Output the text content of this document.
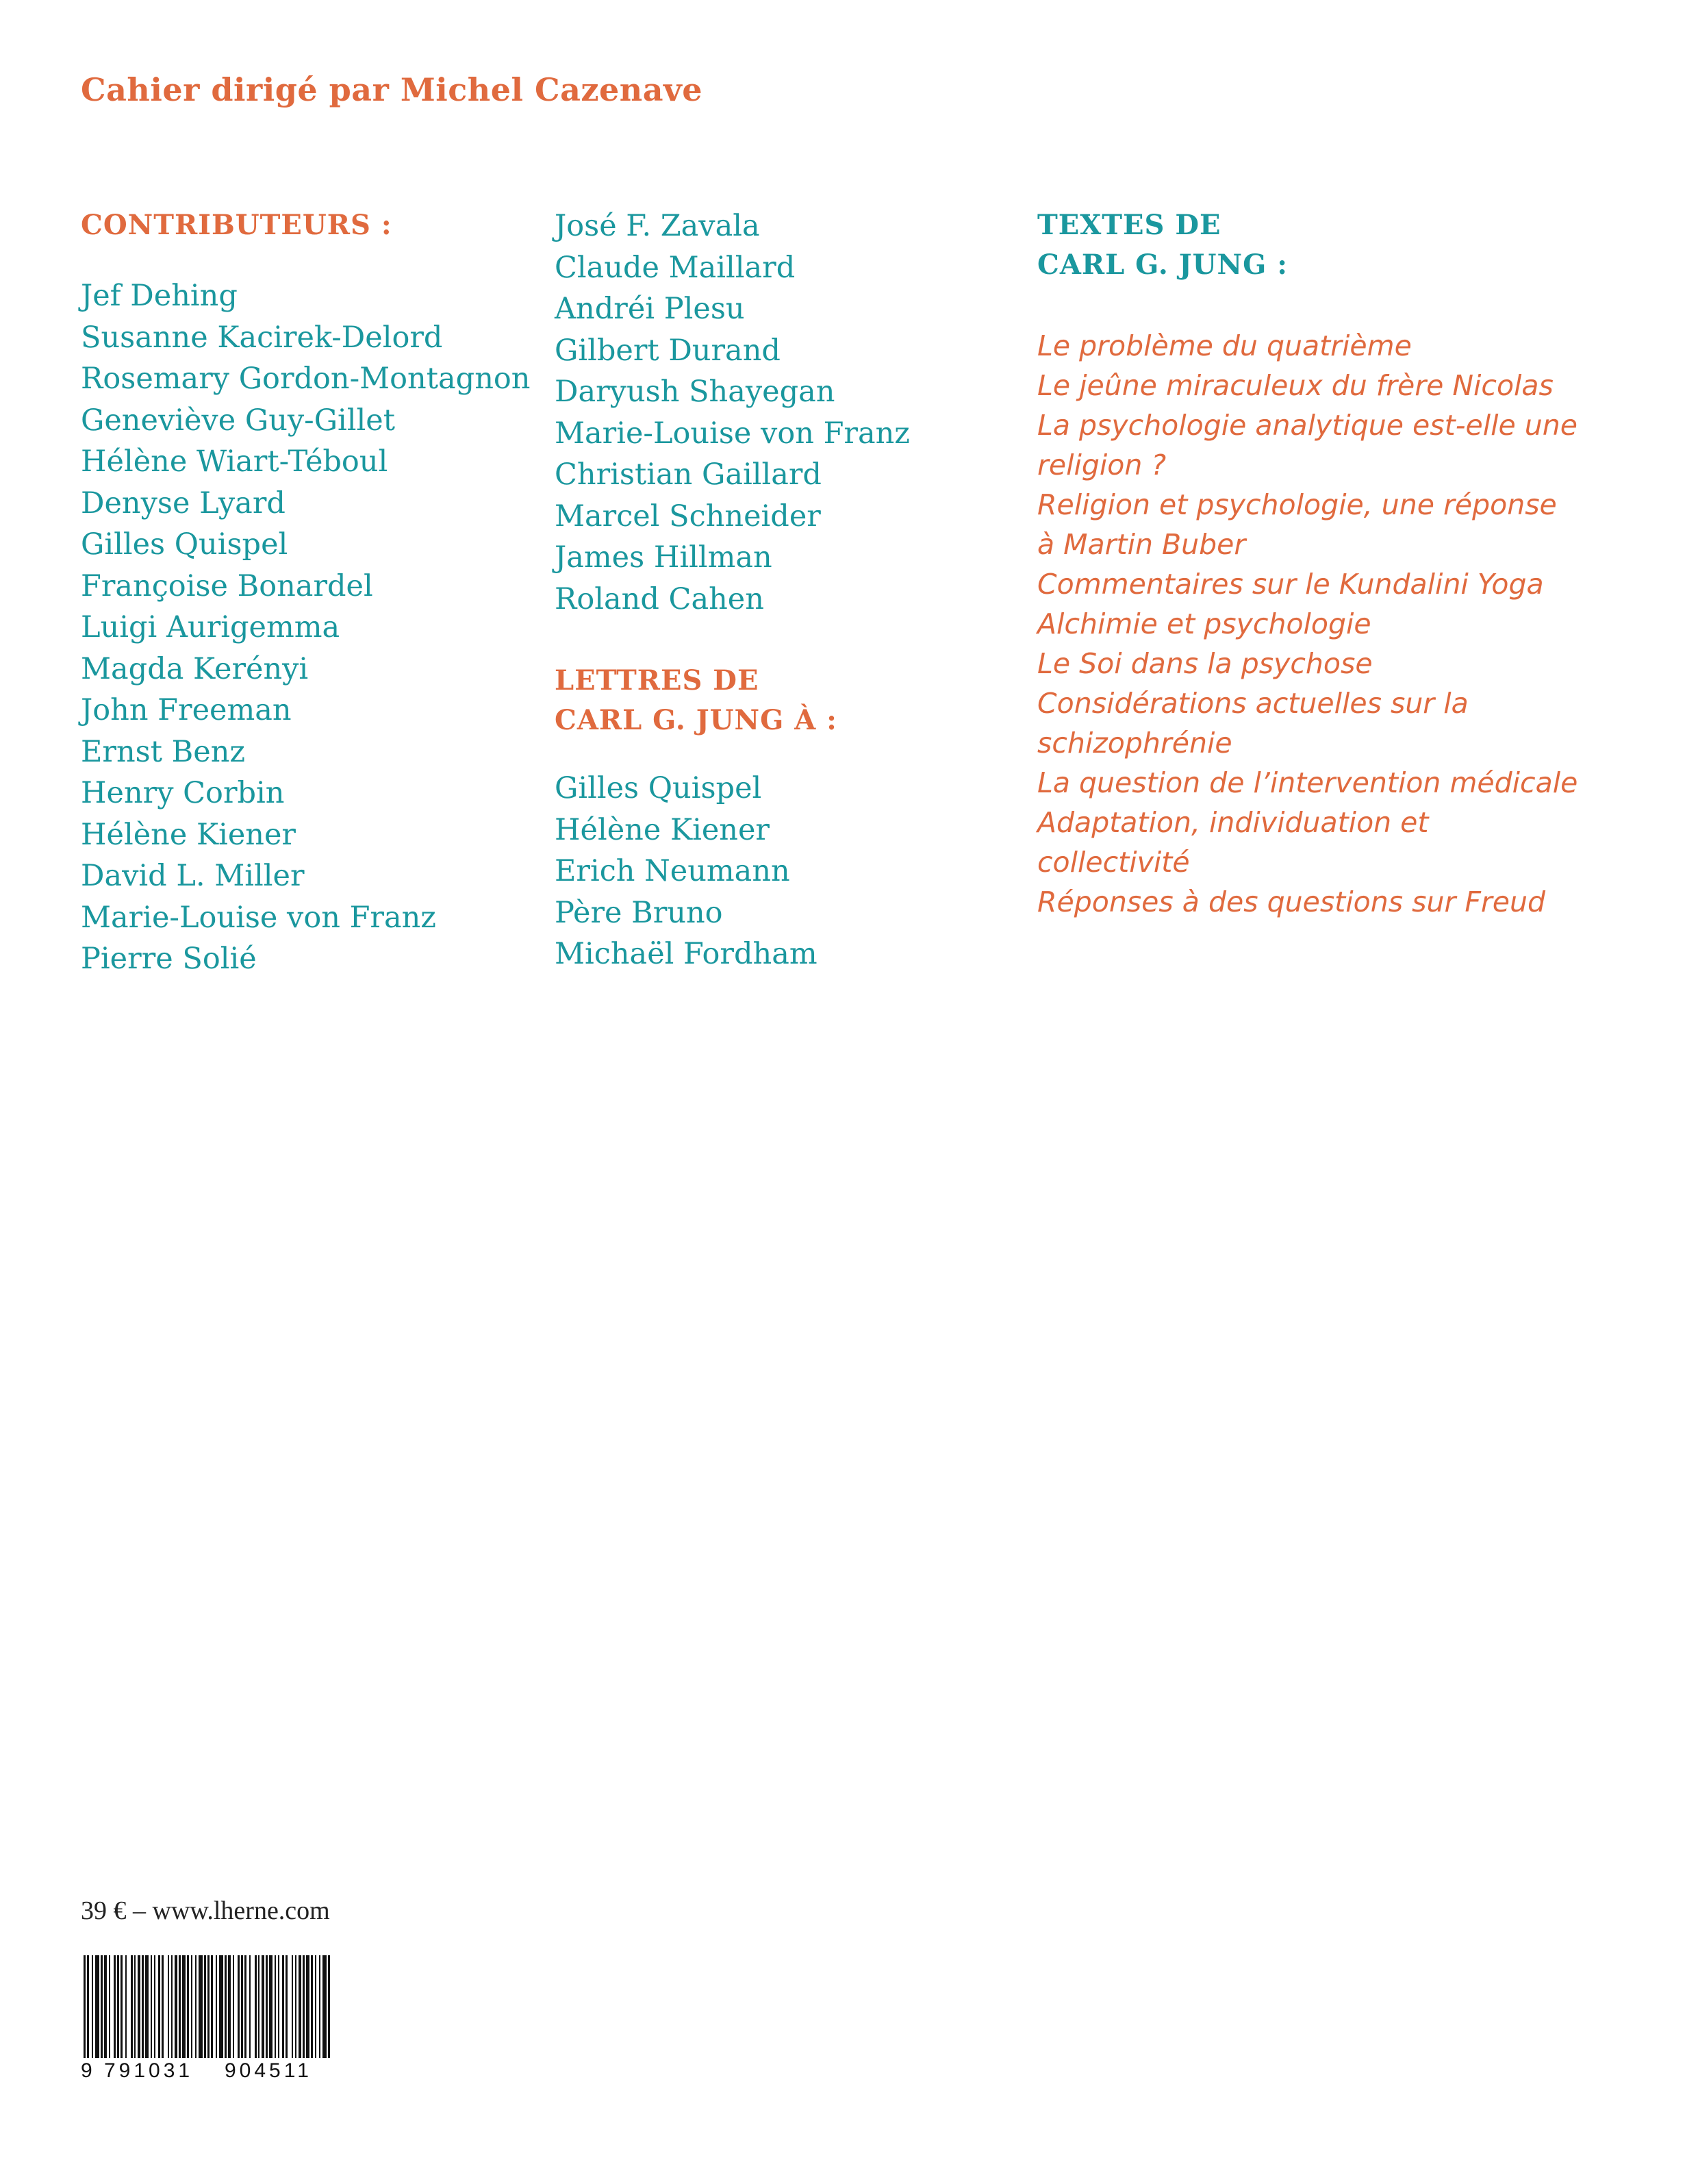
Cahier dirigé par Michel Cazenave
CONTRIBUTEURS :
Jef Dehing
Susanne Kacirek-Delord
Rosemary Gordon-Montagnon
Geneviève Guy-Gillet
Hélène Wiart-Téboul
Denyse Lyard
Gilles Quispel
Françoise Bonardel
Luigi Aurigemma
Magda Kerényi
John Freeman
Ernst Benz
Henry Corbin
Hélène Kiener
David L. Miller
Marie-Louise von Franz
Pierre Solié
José F. Zavala
Claude Maillard
Andréi Plesu
Gilbert Durand
Daryush Shayegan
Marie-Louise von Franz
Christian Gaillard
Marcel Schneider
James Hillman
Roland Cahen
LETTRES DE
CARL G. JUNG À :
Gilles Quispel
Hélène Kiener
Erich Neumann
Père Bruno
Michaël Fordham
TEXTES DE
CARL G. JUNG :
Le problème du quatrième
Le jeûne miraculeux du frère Nicolas
La psychologie analytique est-elle une
religion ?
Religion et psychologie, une réponse
à Martin Buber
Commentaires sur le Kundalini Yoga
Alchimie et psychologie
Le Soi dans la psychose
Considérations actuelles sur la
schizophrénie
La question de l’intervention médicale
Adaptation, individuation et
collectivité
Réponses à des questions sur Freud
39 € – www.lherne.com
9 791031 904511
